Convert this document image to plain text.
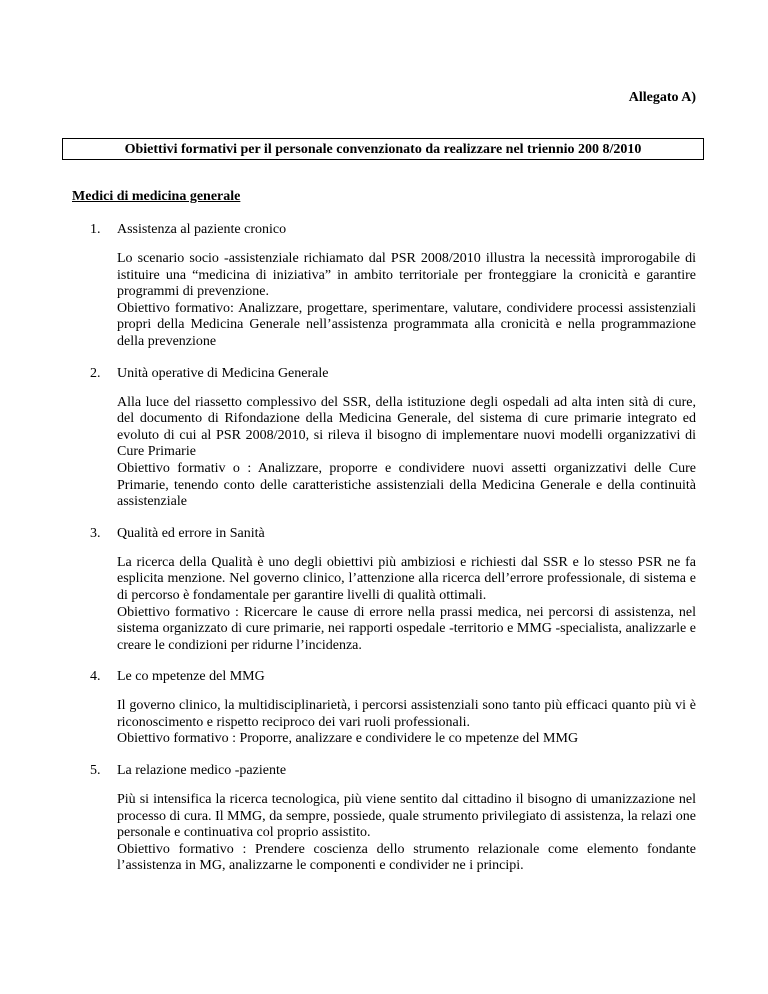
Allegato A)
Obiettivi formativi per il personale convenzionato da realizzare nel triennio 200 8/2010
Medici di medicina generale
1. Assistenza al paziente cronico

Lo scenario socio -assistenziale richiamato dal PSR 2008/2010 illustra la necessità improrogabile di istituire una “medicina di iniziativa” in ambito territoriale per fronteggiare la cronicità e garantire programmi di prevenzione.

Obiettivo formativo: Analizzare, progettare, sperimentare, valutare, condividere processi assistenziali propri della Medicina Generale nell’assistenza programmata alla cronicità e nella programmazione della prevenzione

2. Unità operative di Medicina Generale

Alla luce del riassetto complessivo del SSR, della istituzione degli ospedali ad alta inten sità di cure, del documento di Rifondazione della Medicina Generale, del sistema di cure primarie integrato ed evoluto di cui al PSR 2008/2010, si rileva il bisogno di implementare nuovi modelli organizzativi di Cure Primarie

Obiettivo formativ o : Analizzare, proporre e condividere nuovi assetti organizzativi delle Cure Primarie, tenendo conto delle caratteristiche assistenziali della Medicina Generale e della continuità assistenziale

3. Qualità ed errore in Sanità

La ricerca della Qualità è uno degli obiettivi più ambiziosi e richiesti dal SSR e lo stesso PSR ne fa esplicita menzione. Nel governo clinico, l’attenzione alla ricerca dell’errore professionale, di sistema e di percorso è fondamentale per garantire livelli di qualità ottimali.

Obiettivo formativo : Ricercare le cause di errore nella prassi medica, nei percorsi di assistenza, nel sistema organizzato di cure primarie, nei rapporti ospedale -territorio e MMG -specialista, analizzarle e creare le condizioni per ridurne l’incidenza.

4. Le co mpetenze del MMG

Il governo clinico, la multidisciplinarietà, i percorsi assistenziali sono tanto più efficaci quanto più vi è riconoscimento e rispetto reciproco dei vari ruoli professionali.

Obiettivo formativo : Proporre, analizzare e condividere le co mpetenze del MMG

5. La relazione medico -paziente

Più si intensifica la ricerca tecnologica, più viene sentito dal cittadino il bisogno di umanizzazione nel processo di cura. Il MMG, da sempre, possiede, quale strumento privilegiato di assistenza, la relazi one personale e continuativa col proprio assistito.

Obiettivo formativo : Prendere coscienza dello strumento relazionale come elemento fondante l’assistenza in MG, analizzarne le componenti e condivider ne i principi.
